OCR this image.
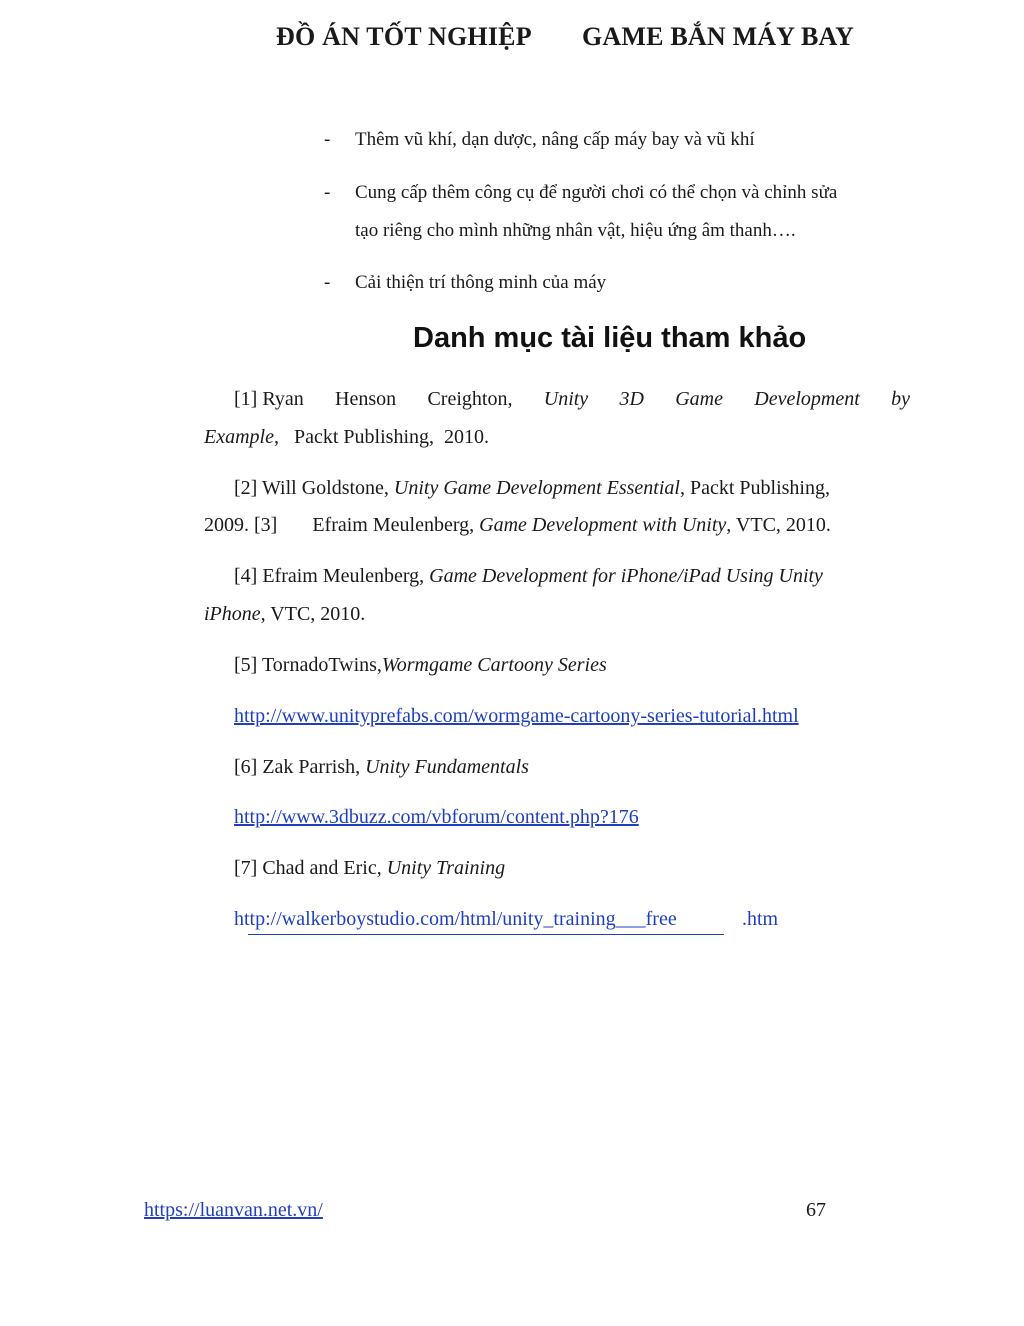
ĐỒ ÁN TỐT NGHIỆP GAME BẮN MÁY BAY
- Thêm vũ khí, dạn dược, nâng cấp máy bay và vũ khí
- Cung cấp thêm công cụ để người chơi có thể chọn và chỉnh sửa
tạo riêng cho mình những nhân vật, hiệu ứng âm thanh….
- Cải thiện trí thông minh của máy
Danh mục tài liệu tham khảo
[1] Ryan Henson Creighton, Unity 3D Game Development by
Example,   Packt Publishing,  2010.
[2] Will Goldstone, Unity Game Development Essential, Packt Publishing,
2009. [3]       Efraim Meulenberg, Game Development with Unity, VTC, 2010.
[4] Efraim Meulenberg, Game Development for iPhone/iPad Using Unity
iPhone, VTC, 2010.
[5] TornadoTwins,Wormgame Cartoony Series
http://www.unityprefabs.com/wormgame-cartoony-series-tutorial.html
[6] Zak Parrish, Unity Fundamentals
http://www.3dbuzz.com/vbforum/content.php?176
[7] Chad and Eric, Unity Training
http://walkerboystudio.com/html/unity_training___free	.htm
https://luanvan.net.vn/	67
